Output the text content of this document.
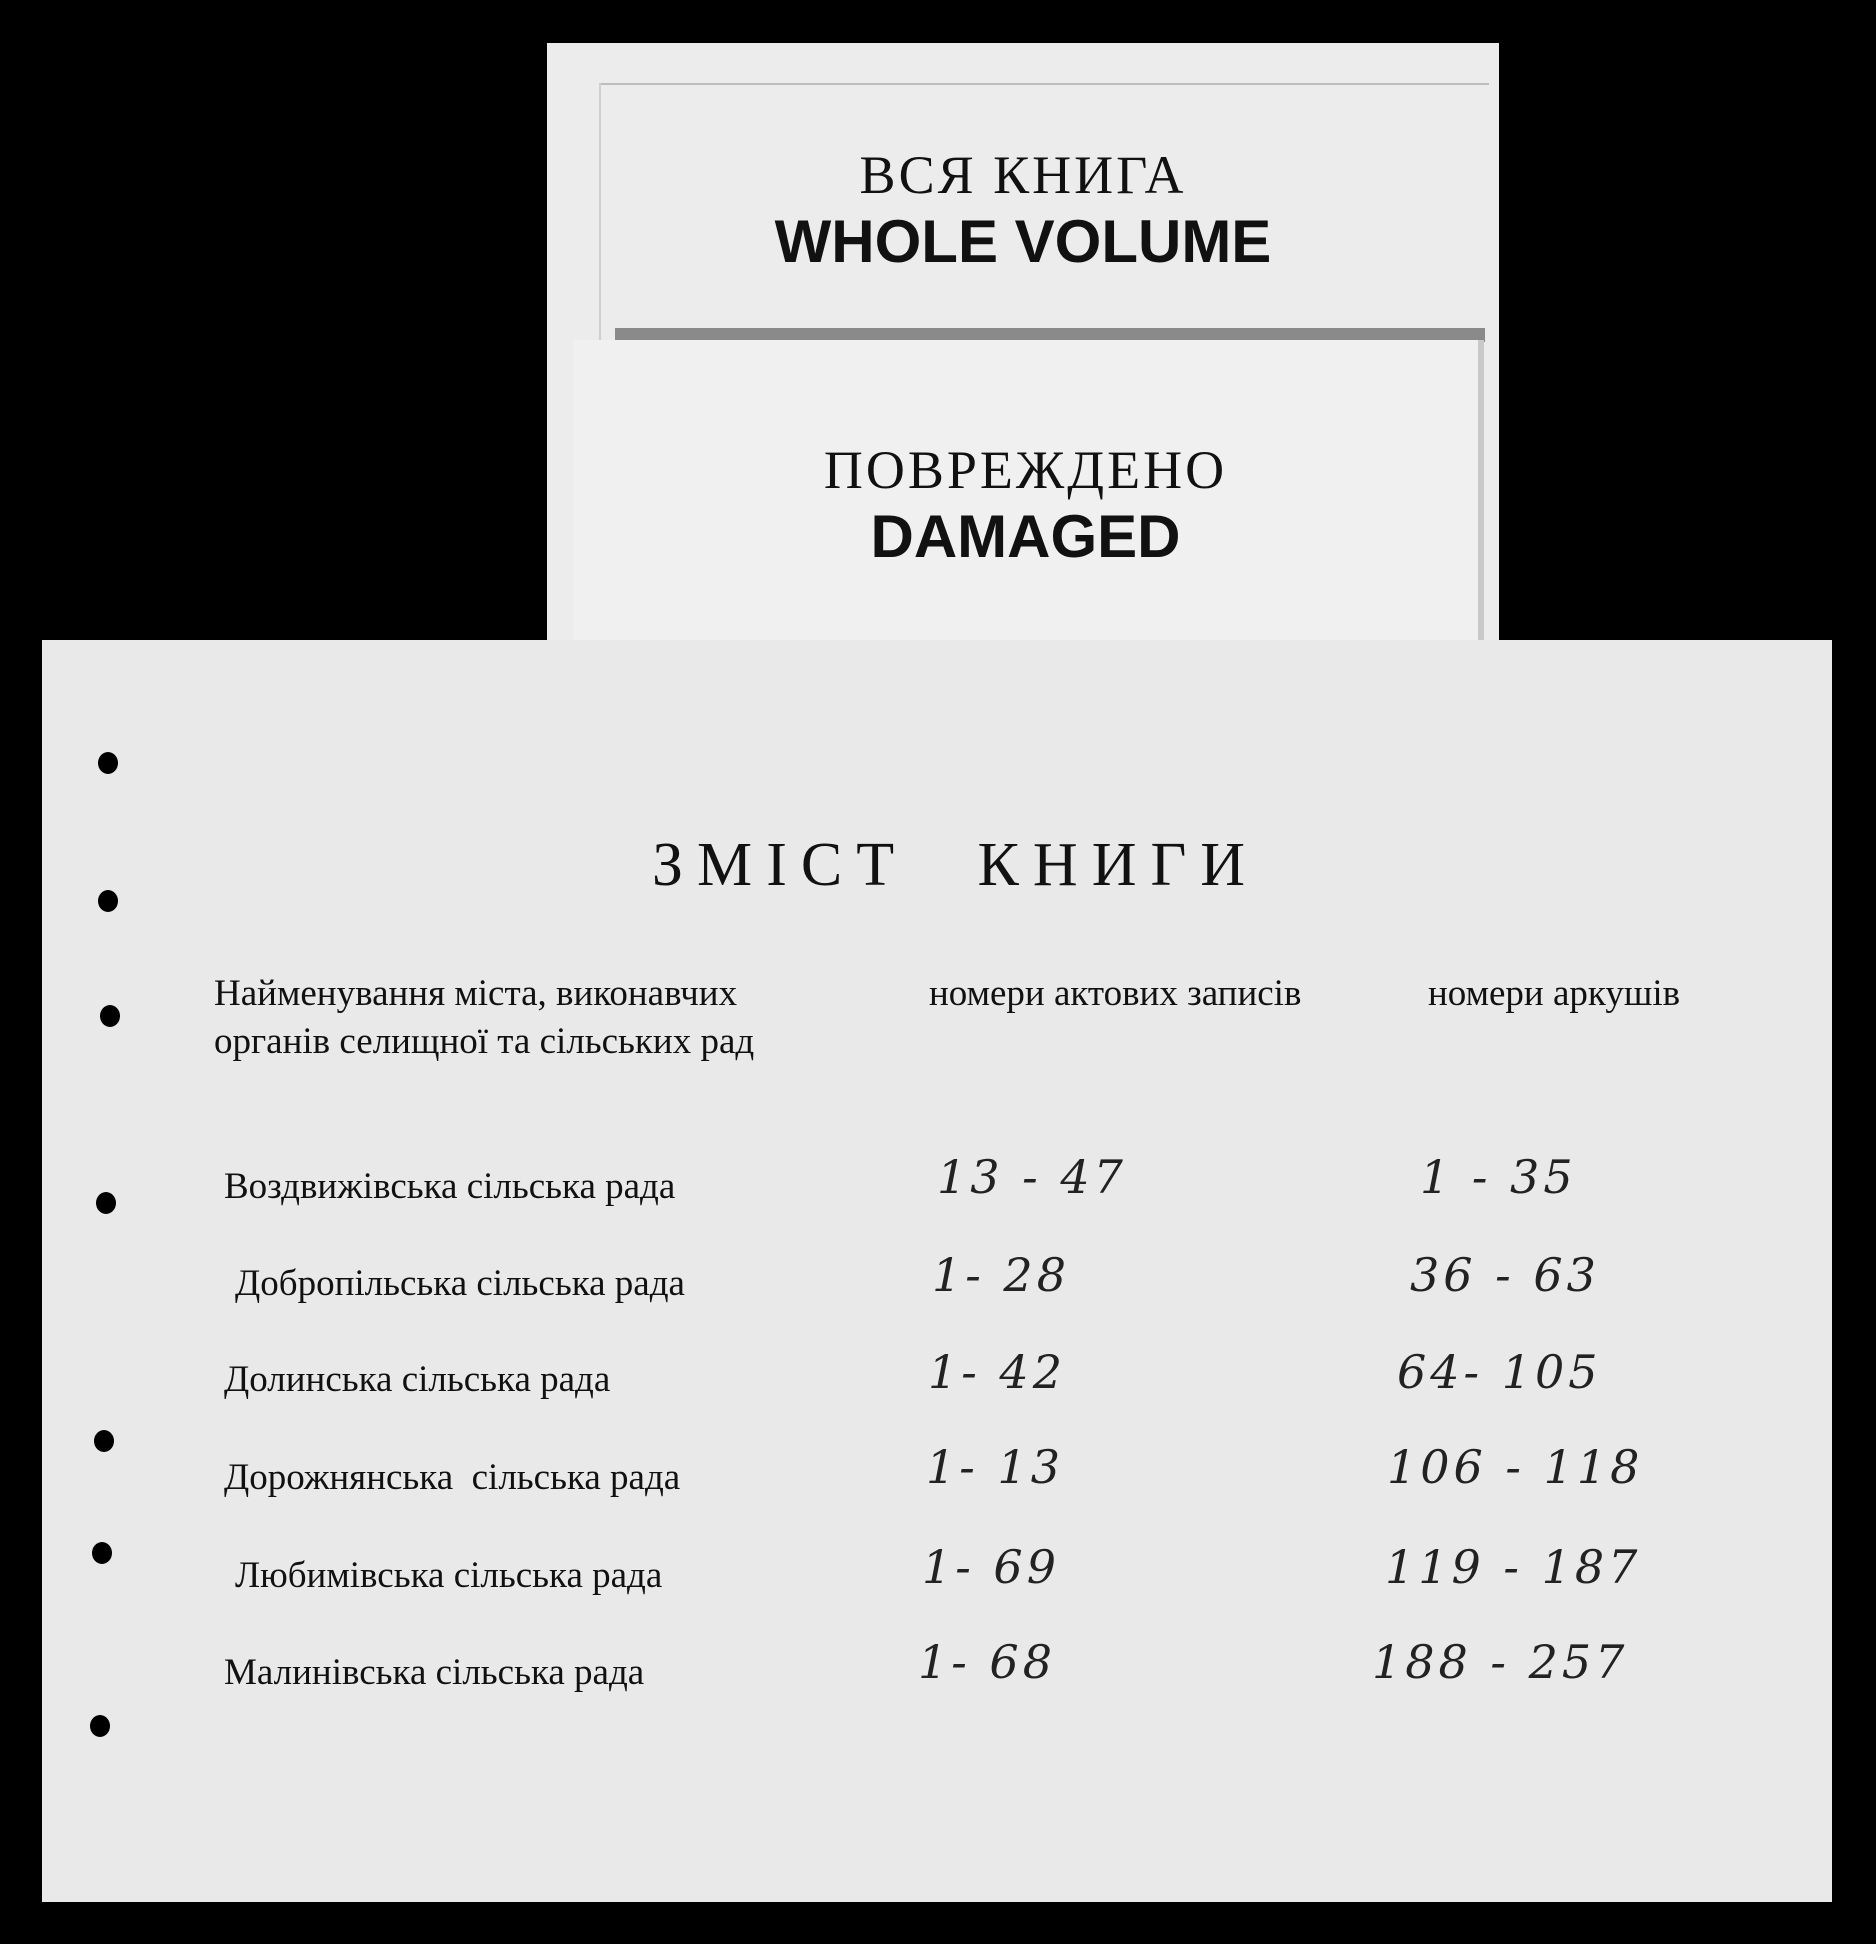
ВСЯ КНИГА
WHOLE VOLUME
ПОВРЕЖДЕНО
DAMAGED
ЗМІСТ КНИГИ
Найменування міста, виконавчих органів селищної та сільських рад
номери актових записів	номери аркушів
Воздвижівська сільська рада	13 - 47	1 - 35
Добропільська сільська рада	1- 28	36 - 63
Долинська сільська рада	1- 42	64- 105
Дорожнянська  сільська рада	1- 13	106 - 118
Любимівська сільська рада	1- 69	119 - 187
Малинівська сільська рада	1- 68	188 - 257
